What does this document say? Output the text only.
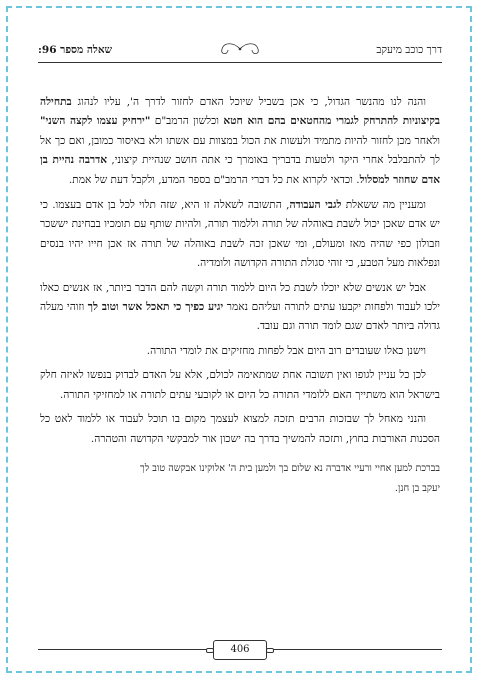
דרך כוכב מיעקב
שאלה מספר 96:

והנה לנו מהנשר הגדול, כי אכן בשביל שיוכל האדם לחזור לדרך ה', עליו לנהוג בתחילה בקיצוניות להתרחק לגמרי מהחטאים בהם הוא חטא וכלשון הרמב"ם "ירחיק עצמו לקצה השני" ולאחר מכן לחזור להיות מתמיד ולעשות את הכול במצוות עם אשתו ולא באיסור כמובן, ואם כך אל לך להתבלבל אחרי היקר ולטעות בדבריך באומרך כי אתה חושב שנהיית קיצוני, אדרבה נהיית בן אדם שחוזר למסלול. וכדאי לקרוא את כל דברי הרמב"ם בספר המדע, ולקבל דעת של אמת.

ומעניין מה ששאלת לגבי העבודה, התשובה לשאלה זו היא, שזה תלוי לכל בן אדם בעצמו. כי יש אדם שאכן יכול לשבת באוהלה של תורה וללמוד תורה, ולהיות שותף עם תומכיו בבחינת יששכר וזבולון כפי שהיה מאז ומעולם, ומי שאכן זכה לשבת באוהלה של תורה אז אכן חייו יהיו בנסים ונפלאות מעל הטבע, כי זוהי סגולת התורה הקדושה ולומדיה.

אבל יש אנשים שלא יוכלו לשבת כל היום ללמוד תורה וקשה להם הדבר ביותר, אז אנשים כאלו ילכו לעבוד ולפחות יקבעו עתים לתורה ועליהם נאמר יגיע כפיך כי תאכל אשר וטוב לך וזוהי מעלה גדולה ביותר לאדם שגם לומד תורה וגם עובד.

וישנן כאלו שעובדים רוב היום אבל לפחות מחזיקים את לומדי התורה.

לכן כל עניין לגופו ואין תשובה אחת שמתאימה לכולם, אלא על האדם לבדוק בנפשו לאיזה חלק בישראל הוא משתייך האם ללומדי התורה כל היום או לקובעי עתים לתורה או למחזיקי התורה.

והנני מאחל לך שבזכות הרבים תזכה למצוא לעצמך מקום בו תוכל לעבוד או ללמוד לאט כל הסכנות האורבות בחוץ, ותזכה להמשיך בדרך בה ישכון אור למבקשי הקדושה והטהרה.

בברכת למען אחיי ורעיי אדברה נא שלום בך ולמען בית ה' אלוקינו אבקשה טוב לך
יעקב בן חנן.
406
